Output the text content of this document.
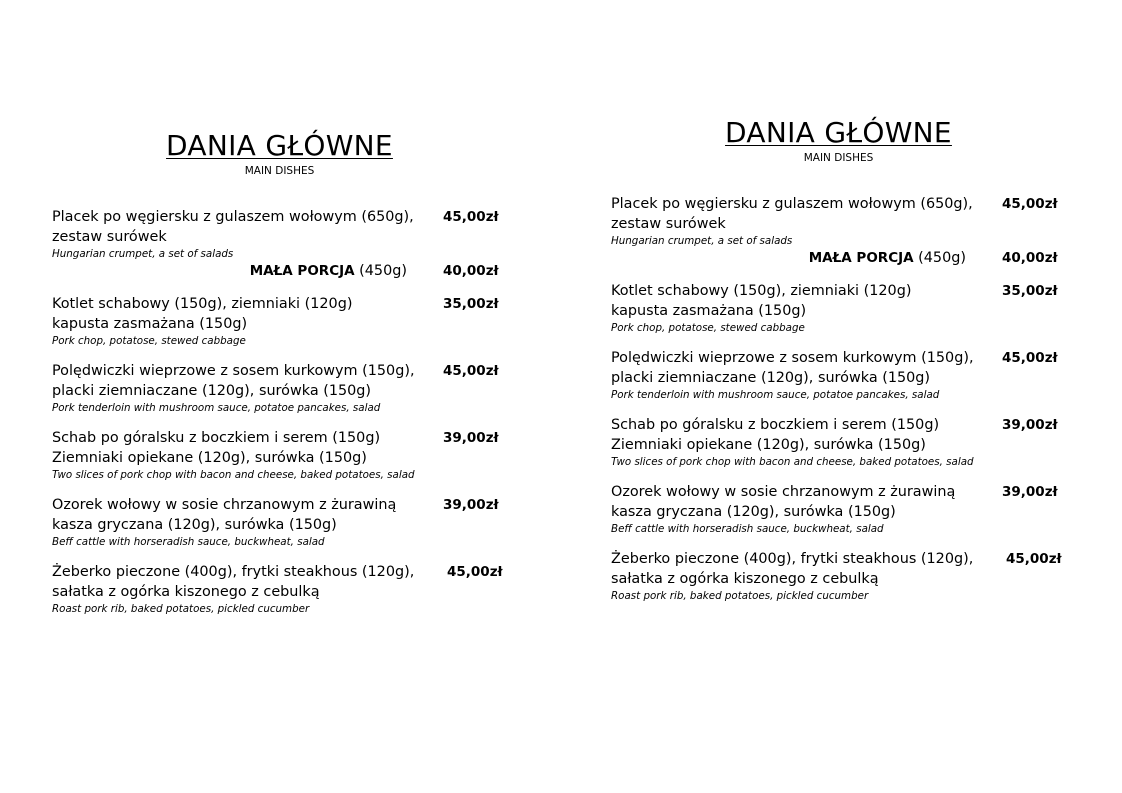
DANIA GŁÓWNE
MAIN DISHES
Placek po węgiersku z gulaszem wołowym (650g), 45,00zł
zestaw surówek
Hungarian crumpet, a set of salads
MAŁA PORCJA (450g)	40,00zł
Kotlet schabowy (150g), ziemniaki (120g)	35,00zł
kapusta zasmażana (150g)
Pork chop, potatose, stewed cabbage
Polędwiczki wieprzowe z sosem kurkowym (150g), 45,00zł
placki ziemniaczane (120g), surówka (150g)
Pork tenderloin with mushroom sauce, potatoe pancakes, salad
Schab po góralsku z boczkiem i serem (150g)	39,00zł
Ziemniaki opiekane (120g), surówka (150g)
Two slices of pork chop with bacon and cheese, baked potatoes, salad
Ozorek wołowy w sosie chrzanowym z żurawiną	39,00zł
kasza gryczana (120g), surówka (150g)
Beff cattle with horseradish sauce, buckwheat, salad
Żeberko pieczone (400g), frytki steakhous (120g), 45,00zł
sałatka z ogórka kiszonego z cebulką
Roast pork rib, baked potatoes, pickled cucumber
DANIA GŁÓWNE
MAIN DISHES
Placek po węgiersku z gulaszem wołowym (650g), 45,00zł
zestaw surówek
Hungarian crumpet, a set of salads
MAŁA PORCJA (450g)	40,00zł
Kotlet schabowy (150g), ziemniaki (120g)	35,00zł
kapusta zasmażana (150g)
Pork chop, potatose, stewed cabbage
Polędwiczki wieprzowe z sosem kurkowym (150g), 45,00zł
placki ziemniaczane (120g), surówka (150g)
Pork tenderloin with mushroom sauce, potatoe pancakes, salad
Schab po góralsku z boczkiem i serem (150g)	39,00zł
Ziemniaki opiekane (120g), surówka (150g)
Two slices of pork chop with bacon and cheese, baked potatoes, salad
Ozorek wołowy w sosie chrzanowym z żurawiną	39,00zł
kasza gryczana (120g), surówka (150g)
Beff cattle with horseradish sauce, buckwheat, salad
Żeberko pieczone (400g), frytki steakhous (120g), 45,00zł
sałatka z ogórka kiszonego z cebulką
Roast pork rib, baked potatoes, pickled cucumber
